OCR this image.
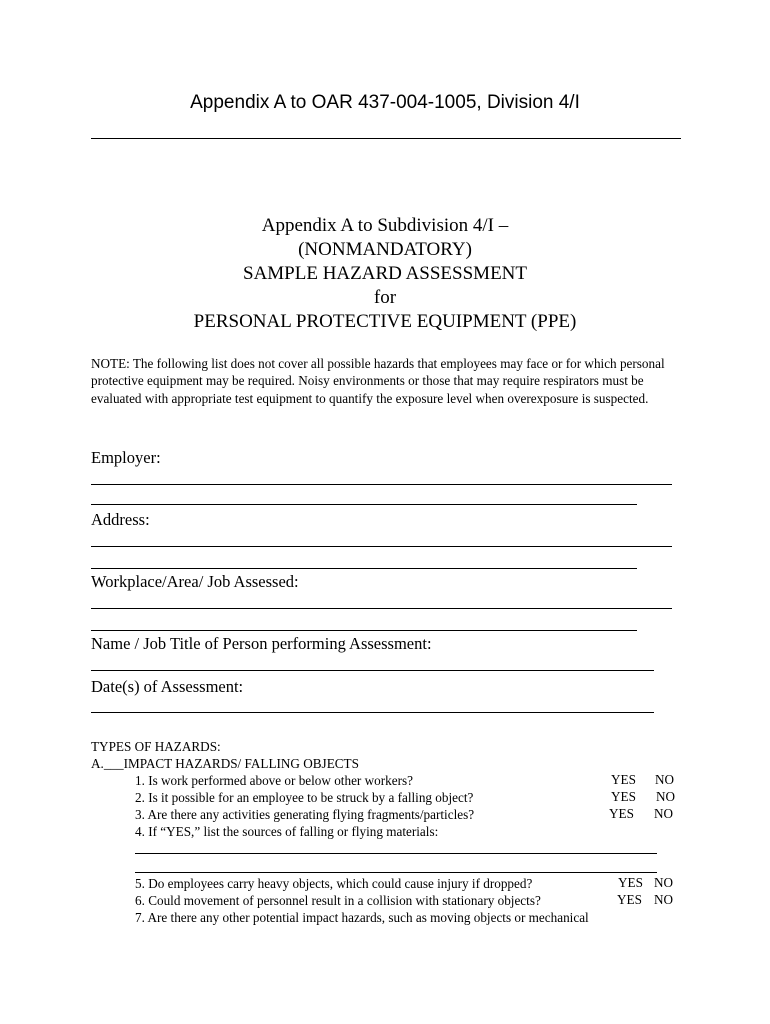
Appendix A to OAR 437-004-1005, Division 4/I
Appendix A to Subdivision 4/I –
(NONMANDATORY)
SAMPLE HAZARD ASSESSMENT
for
PERSONAL PROTECTIVE EQUIPMENT (PPE)
NOTE: The following list does not cover all possible hazards that employees may face or for which personal protective equipment may be required. Noisy environments or those that may require respirators must be evaluated with appropriate test equipment to quantify the exposure level when overexposure is suspected.
Employer:
Address:
Workplace/Area/ Job Assessed:
Name / Job Title of Person performing Assessment:
Date(s) of Assessment:
TYPES OF HAZARDS:
A.___IMPACT HAZARDS/ FALLING OBJECTS
1. Is work performed above or below other workers?	YES NO
2. Is it possible for an employee to be struck by a falling object?	YES NO
3. Are there any activities generating flying fragments/particles?	YES NO
4. If “YES,” list the sources of falling or flying materials:
5. Do employees carry heavy objects, which could cause injury if dropped?	YES NO
6. Could movement of personnel result in a collision with stationary objects?	YES NO
7. Are there any other potential impact hazards, such as moving objects or mechanical
